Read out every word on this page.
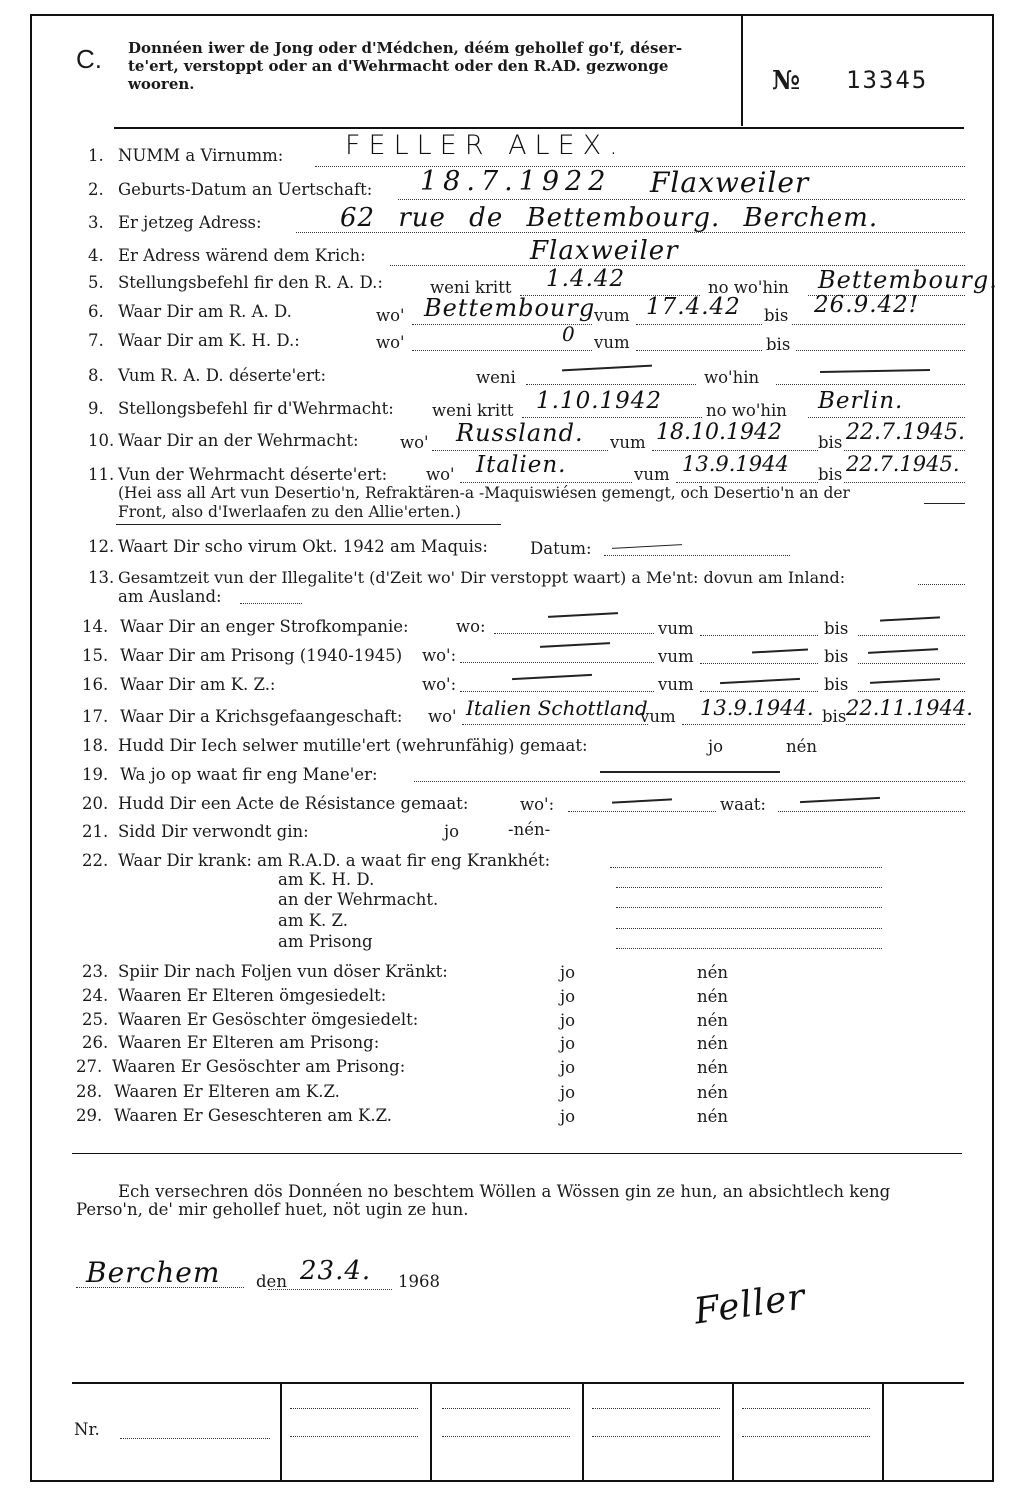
C. Donnéen iwer de Jong oder d'Médchen, déém gehollef go'f, déser-
te'ert, verstoppt oder an d'Wehrmacht oder den R.AD. gezwonge
wooren.	№ 13345
1. NUMM a Virnumm: FELLER ALEX.
2. Geburts-Datum an Uertschaft: 18.7.1922 Flaxweiler
3. Er jetzeg Adress:	62 rue de Bettembourg. Berchem.
4. Er Adress wärend dem Krich:	Flaxweiler
5. Stellungsbefehl fir den R. A. D.:	weni kritt 1.4.42	no wo'hin Bettembourg.
6. Waar Dir am R. A. D.	wo' Bettembourg
vum 17.4.42 bis 26.9.42!
7. Waar Dir am K. H. D.:	wo'	0 vum	bis
8. Vum R. A. D. déserte'ert:	weni	wo'hin
9. Stellongsbefehl fir d'Wehrmacht: weni kritt 1.10.1942	no wo'hin Berlin.
10. Waar Dir an der Wehrmacht:	wo' Russland. vum 18.10.1942 bis 22.7.1945.
11. Vun der Wehrmacht déserte'ert: wo' Italien.	vum 13.9.1944 bis 22.7.1945.
(Hei ass all Art vun Desertio'n, Refraktären-a -Maquiswiésen gemengt, och Desertio'n an der
Front, also d'Iwerlaafen zu den Allie'erten.)
12. Waart Dir scho virum Okt. 1942 am Maquis:	Datum:
13. Gesamtzeit vun der Illegalite't (d'Zeit wo' Dir verstoppt waart) a Me'nt: dovun am Inland:
am Ausland:
14. Waar Dir an enger Strofkompanie:	wo:	vum	bis
15. Waar Dir am Prisong (1940-1945) wo':	vum	bis
16. Waar Dir am K. Z.:	wo':	vum	bis
17. Waar Dir a Krichsgefaangeschaft: wo' Italien Schottland
vum 13.9.1944. bis 22.11.1944.
18. Hudd Dir Iech selwer mutille'ert (wehrunfähig) gemaat:	jo	nén
19. Wa jo op waat fir eng Mane'er:
20. Hudd Dir een Acte de Résistance gemaat:	wo':	waat:
21. Sidd Dir verwondt gin:	jo	-nén-
22. Waar Dir krank: am R.A.D. a waat fir eng Krankhét:
am K. H. D.
an der Wehrmacht.
am K. Z.
am Prisong
23. Spiir Dir nach Foljen vun döser Kränkt:	jo	nén
24. Waaren Er Elteren ömgesiedelt:	jo	nén
25. Waaren Er Gesöschter ömgesiedelt:	jo	nén
26. Waaren Er Elteren am Prisong:	jo	nén
27. Waaren Er Gesöschter am Prisong:	jo	nén
28. Waaren Er Elteren am K.Z.	jo	nén
29. Waaren Er Geseschteren am K.Z.	jo	nén
Ech versechren dös Donnéen no beschtem Wöllen a Wössen gin ze hun, an absichtlech keng
Perso'n, de' mir gehollef huet, nöt ugin ze hun.
Berchem den 23.4. 1968	Feller
Nr.
